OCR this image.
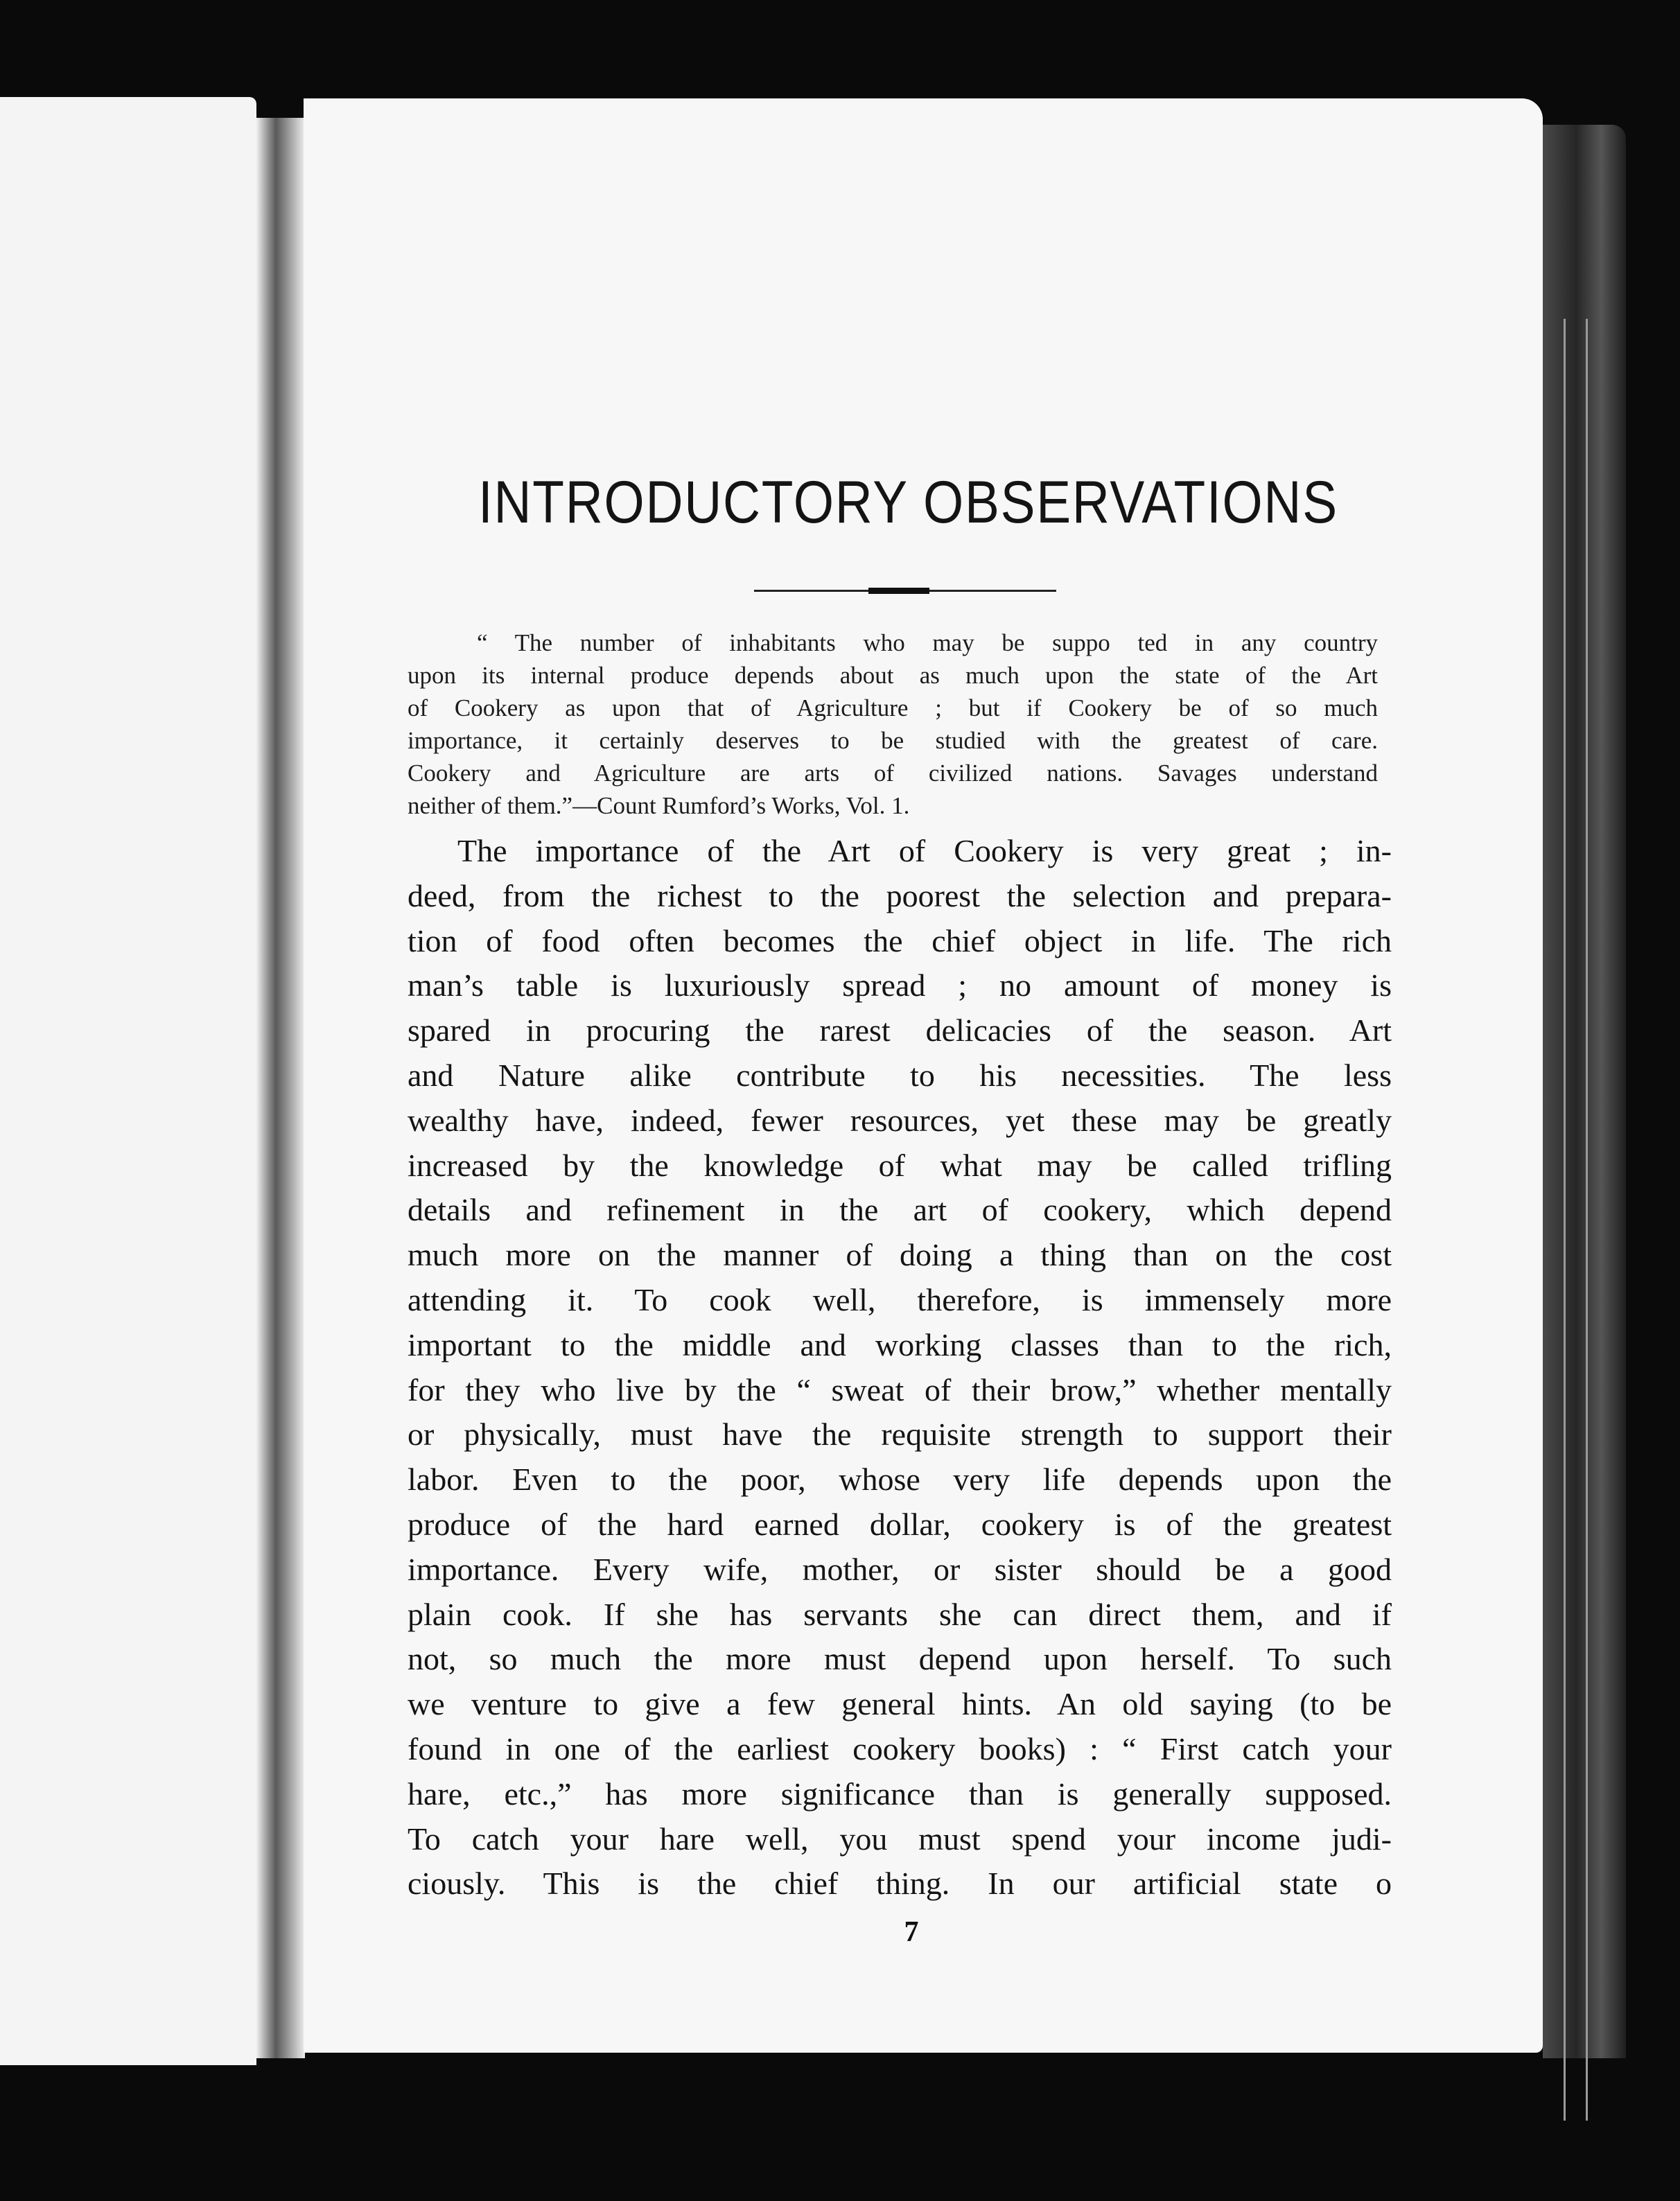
INTRODUCTORY OBSERVATIONS
“ The number of inhabitants who may be suppo ted in any country
upon its internal produce depends about as much upon the state of the Art
of Cookery as upon that of Agriculture ; but if Cookery be of so much
importance, it certainly deserves to be studied with the greatest of care.
Cookery and Agriculture are arts of civilized nations. Savages understand
neither of them.”—Count Rumford’s Works, Vol. 1.
The importance of the Art of Cookery is very great ; in-
deed, from the richest to the poorest the selection and prepara-
tion of food often becomes the chief object in life. The rich
man’s table is luxuriously spread ; no amount of money is
spared in procuring the rarest delicacies of the season. Art
and Nature alike contribute to his necessities. The less
wealthy have, indeed, fewer resources, yet these may be greatly
increased by the knowledge of what may be called trifling
details and refinement in the art of cookery, which depend
much more on the manner of doing a thing than on the cost
attending it. To cook well, therefore, is immensely more
important to the middle and working classes than to the rich,
for they who live by the “ sweat of their brow,” whether mentally
or physically, must have the requisite strength to support their
labor. Even to the poor, whose very life depends upon the
produce of the hard earned dollar, cookery is of the greatest
importance. Every wife, mother, or sister should be a good
plain cook. If she has servants she can direct them, and if
not, so much the more must depend upon herself. To such
we venture to give a few general hints. An old saying (to be
found in one of the earliest cookery books) : “ First catch your
hare, etc.,” has more significance than is generally supposed.
To catch your hare well, you must spend your income judi-
ciously. This is the chief thing. In our artificial state o
7
